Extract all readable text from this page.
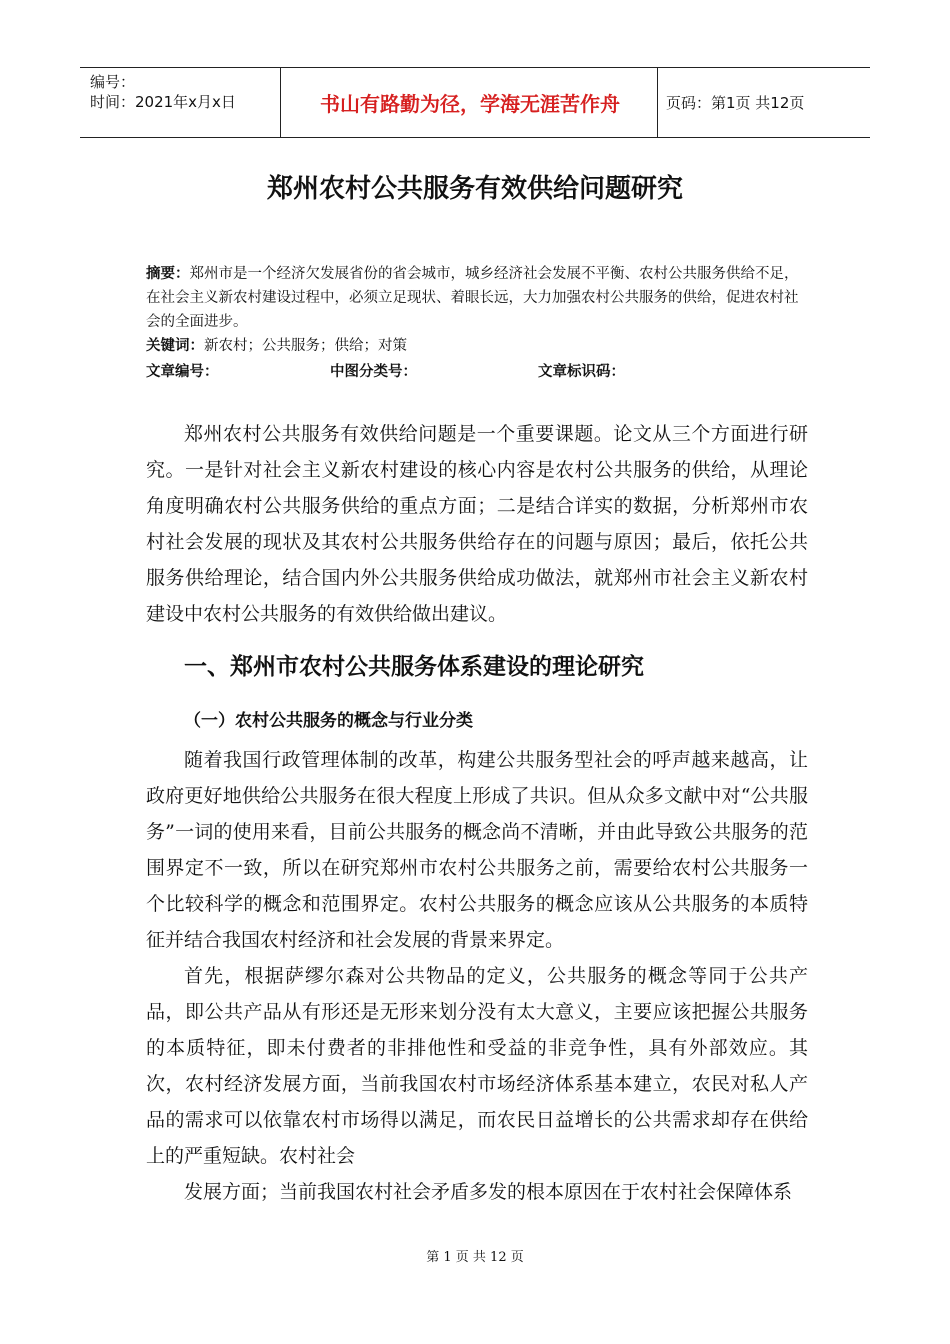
编号：
时间：2021年x月x日	书山有路勤为径，学海无涯苦作舟	页码：第1页 共12页
郑州农村公共服务有效供给问题研究
摘要：郑州市是一个经济欠发展省份的省会城市，城乡经济社会发展不平衡、农村公共服务供给不足，在社会主义新农村建设过程中，必须立足现状、着眼长远，大力加强农村公共服务的供给，促进农村社会的全面进步。
关键词：新农村；公共服务；供给；对策
文章编号：	中图分类号：	文章标识码：

郑州农村公共服务有效供给问题是一个重要课题。论文从三个方面进行研究。一是针对社会主义新农村建设的核心内容是农村公共服务的供给，从理论角度明确农村公共服务供给的重点方面；二是结合详实的数据，分析郑州市农村社会发展的现状及其农村公共服务供给存在的问题与原因；最后，依托公共服务供给理论，结合国内外公共服务供给成功做法，就郑州市社会主义新农村建设中农村公共服务的有效供给做出建议。

一、郑州市农村公共服务体系建设的理论研究
（一）农村公共服务的概念与行业分类

随着我国行政管理体制的改革，构建公共服务型社会的呼声越来越高，让政府更好地供给公共服务在很大程度上形成了共识。但从众多文献中对“公共服务”一词的使用来看，目前公共服务的概念尚不清晰，并由此导致公共服务的范围界定不一致，所以在研究郑州市农村公共服务之前，需要给农村公共服务一个比较科学的概念和范围界定。农村公共服务的概念应该从公共服务的本质特征并结合我国农村经济和社会发展的背景来界定。

首先，根据萨缪尔森对公共物品的定义，公共服务的概念等同于公共产品，即公共产品从有形还是无形来划分没有太大意义，主要应该把握公共服务的本质特征，即未付费者的非排他性和受益的非竞争性，具有外部效应。其次，农村经济发展方面，当前我国农村市场经济体系基本建立，农民对私人产品的需求可以依靠农村市场得以满足，而农民日益增长的公共需求却存在供给上的严重短缺。农村社会

发展方面；当前我国农村社会矛盾多发的根本原因在于农村社会保障体系

第 1 页 共 12 页
